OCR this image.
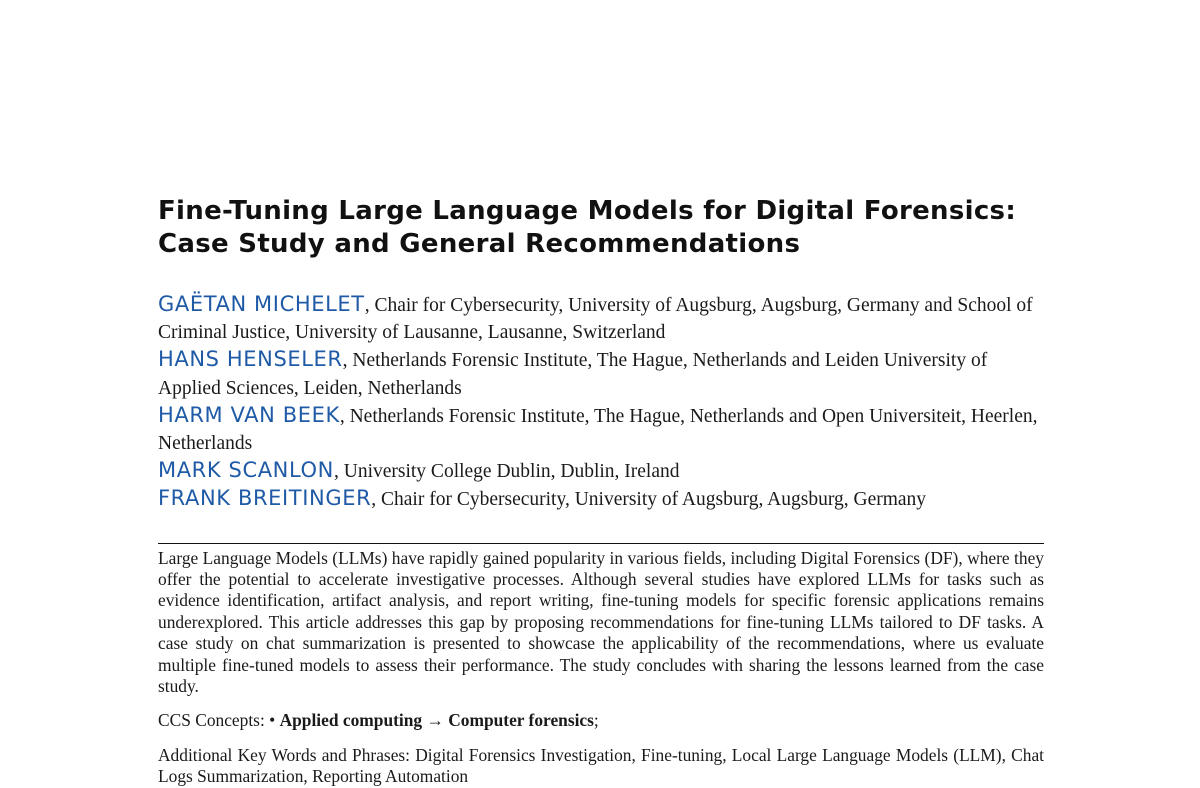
Fine-Tuning Large Language Models for Digital Forensics:
Case Study and General Recommendations

GAËTAN MICHELET, Chair for Cybersecurity, University of Augsburg, Augsburg, Germany and School of Criminal Justice, University of Lausanne, Lausanne, Switzerland

HANS HENSELER, Netherlands Forensic Institute, The Hague, Netherlands and Leiden University of Applied Sciences, Leiden, Netherlands

HARM VAN BEEK, Netherlands Forensic Institute, The Hague, Netherlands and Open Universiteit, Heerlen, Netherlands

MARK SCANLON, University College Dublin, Dublin, Ireland

FRANK BREITINGER, Chair for Cybersecurity, University of Augsburg, Augsburg, Germany

Large Language Models (LLMs) have rapidly gained popularity in various fields, including Digital Forensics (DF), where they offer the potential to accelerate investigative processes. Although several studies have explored LLMs for tasks such as evidence identification, artifact analysis, and report writing, fine-tuning models for specific forensic applications remains underexplored. This article addresses this gap by proposing recommendations for fine-tuning LLMs tailored to DF tasks. A case study on chat summarization is presented to showcase the applicability of the recommendations, where us evaluate multiple fine-tuned models to assess their performance. The study concludes with sharing the lessons learned from the case study.

CCS Concepts: • Applied computing → Computer forensics;

Additional Key Words and Phrases: Digital Forensics Investigation, Fine-tuning, Local Large Language Models (LLM), Chat Logs Summarization, Reporting Automation
